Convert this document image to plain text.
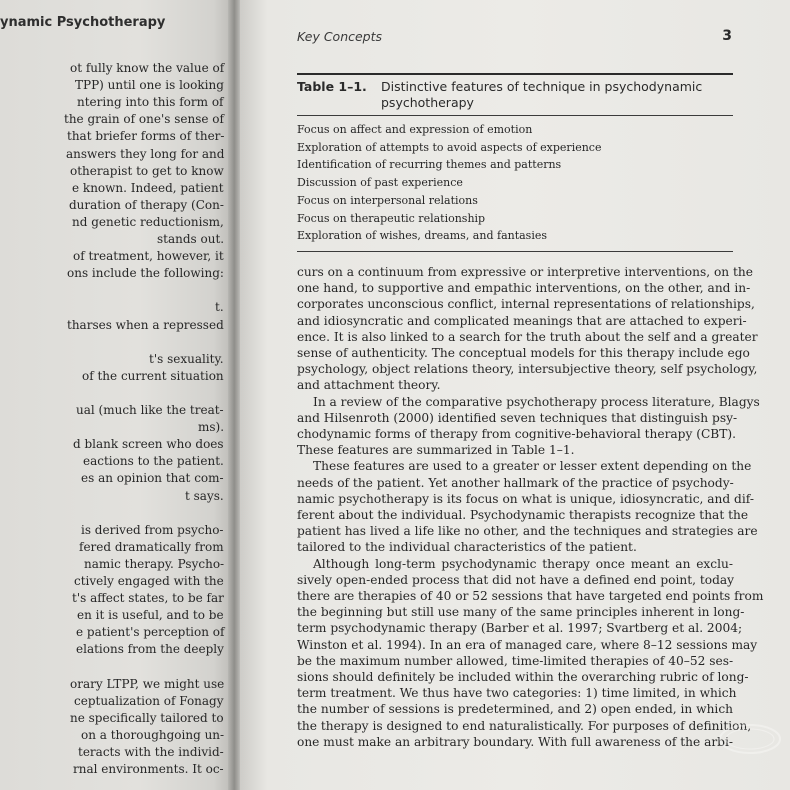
ynamic Psychotherapy
ot fully know the value of
TPP) until one is looking
ntering into this form of
the grain of one's sense of
that briefer forms of ther-
answers they long for and
otherapist to get to know
e known. Indeed, patient
duration of therapy (Con-
nd genetic reductionism,
stands out.
of treatment, however, it
ons include the following:
t.
tharses when a repressed
t's sexuality.
of the current situation
ual (much like the treat-
ms).
d blank screen who does
eactions to the patient.
es an opinion that com-
t says.
is derived from psycho-
fered dramatically from
namic therapy. Psycho-
ctively engaged with the
t's affect states, to be far
en it is useful, and to be
e patient's perception of
elations from the deeply
orary LTPP, we might use
ceptualization of Fonagy
ne specifically tailored to
on a thoroughgoing un-
teracts with the individ-
rnal environments. It oc-
Key Concepts	3
Table 1–1.	Distinctive features of technique in psychodynamic psychotherapy
Focus on affect and expression of emotion
Exploration of attempts to avoid aspects of experience
Identification of recurring themes and patterns
Discussion of past experience
Focus on interpersonal relations
Focus on therapeutic relationship
Exploration of wishes, dreams, and fantasies
curs on a continuum from expressive or interpretive interventions, on the
one hand, to supportive and empathic interventions, on the other, and in-
corporates unconscious conflict, internal representations of relationships,
and idiosyncratic and complicated meanings that are attached to experi-
ence. It is also linked to a search for the truth about the self and a greater
sense of authenticity. The conceptual models for this therapy include ego
psychology, object relations theory, intersubjective theory, self psychology,
and attachment theory.
In a review of the comparative psychotherapy process literature, Blagys
and Hilsenroth (2000) identified seven techniques that distinguish psy-
chodynamic forms of therapy from cognitive-behavioral therapy (CBT).
These features are summarized in Table 1–1.
These features are used to a greater or lesser extent depending on the
needs of the patient. Yet another hallmark of the practice of psychody-
namic psychotherapy is its focus on what is unique, idiosyncratic, and dif-
ferent about the individual. Psychodynamic therapists recognize that the
patient has lived a life like no other, and the techniques and strategies are
tailored to the individual characteristics of the patient.
Although long-term psychodynamic therapy once meant an exclu-
sively open-ended process that did not have a defined end point, today
there are therapies of 40 or 52 sessions that have targeted end points from
the beginning but still use many of the same principles inherent in long-
term psychodynamic therapy (Barber et al. 1997; Svartberg et al. 2004;
Winston et al. 1994). In an era of managed care, where 8–12 sessions may
be the maximum number allowed, time-limited therapies of 40–52 ses-
sions should definitely be included within the overarching rubric of long-
term treatment. We thus have two categories: 1) time limited, in which
the number of sessions is predetermined, and 2) open ended, in which
the therapy is designed to end naturalistically. For purposes of definition,
one must make an arbitrary boundary. With full awareness of the arbi-
